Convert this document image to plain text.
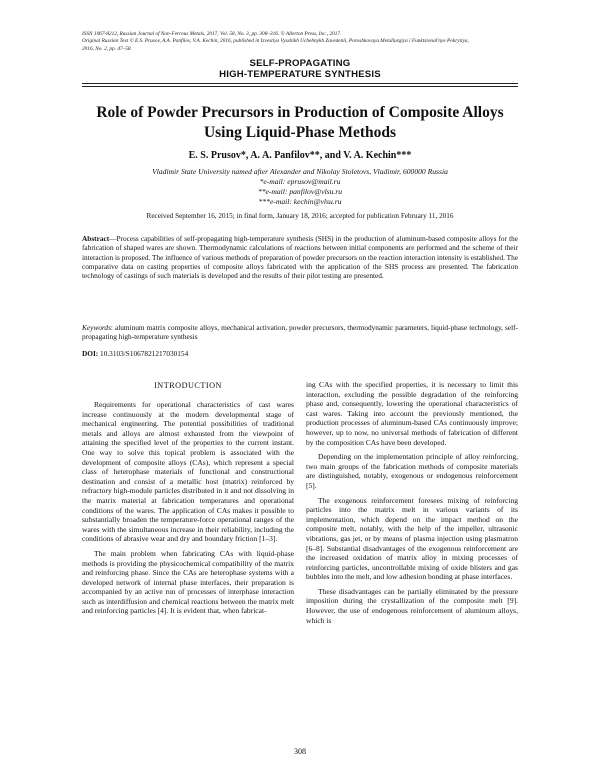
ISSN 1067-8212, Russian Journal of Non-Ferrous Metals, 2017, Vol. 58, No. 3, pp. 308–316. © Allerton Press, Inc., 2017.
Original Russian Text © E.S. Prusov, A.A. Panfilov, V.A. Kechin, 2016, published in Izvestiya Vysshikh Uchebnykh Zavedenii, Poroshkovaya Metallurgiya i Funktsional'nye Pokrytiya,
2016, No. 2, pp. 47–58.
SELF-PROPAGATING
HIGH-TEMPERATURE SYNTHESIS
Role of Powder Precursors in Production of Composite Alloys
Using Liquid-Phase Methods
E. S. Prusov*, A. A. Panfilov**, and V. A. Kechin***
Vladimir State University named after Alexander and Nikolay Stoletovs, Vladimir, 600000 Russia
*e-mail: eprusov@mail.ru
**e-mail: panfilov@vlsu.ru
***e-mail: kechin@vlsu.ru
Received September 16, 2015; in final form, January 18, 2016; accepted for publication February 11, 2016
Abstract—Process capabilities of self-propagating high-temperature synthesis (SHS) in the production of aluminum-based composite alloys for the fabrication of shaped wares are shown. Thermodynamic calculations of reactions between initial components are performed and the scheme of their interaction is proposed. The influence of various methods of preparation of powder precursors on the reaction interaction intensity is established. The comparative data on casting properties of composite alloys fabricated with the application of the SHS process are presented. The fabrication technology of castings of such materials is developed and the results of their pilot testing are presented.
Keywords: aluminum matrix composite alloys, mechanical activation, powder precursors, thermodynamic parameters, liquid-phase technology, self-propagating high-temperature synthesis
DOI: 10.3103/S1067821217030154
INTRODUCTION

Requirements for operational characteristics of cast wares increase continuously at the modern developmental stage of mechanical engineering. The potential possibilities of traditional metals and alloys are almost exhausted from the viewpoint of attaining the specified level of the properties to the current instant. One way to solve this topical problem is associated with the development of composite alloys (CAs), which represent a special class of heterophase materials of functional and constructional destination and consist of a metallic host (matrix) reinforced by refractory high-module particles distributed in it and not dissolving in the matrix material at fabrication temperatures and operational conditions of the wares. The application of CAs makes it possible to substantially broaden the temperature-force operational ranges of the wares with the simultaneous increase in their reliability, including the conditions of abrasive wear and dry and boundary friction [1–3].

The main problem when fabricating CAs with liquid-phase methods is providing the physicochemical compatibility of the matrix and reinforcing phase. Since the CAs are heterophase systems with a developed network of internal phase interfaces, their preparation is accompanied by an active run of processes of interphase interaction such as interdiffusion and chemical reactions between the matrix melt and reinforcing particles [4]. It is evident that, when fabricat-

ing CAs with the specified properties, it is necessary to limit this interaction, excluding the possible degradation of the reinforcing phase and, consequently, lowering the operational characteristics of cast wares. Taking into account the previously mentioned, the production processes of aluminum-based CAs continuously improve; however, up to now, no universal methods of fabrication of different by the composition CAs have been developed.

Depending on the implementation principle of alloy reinforcing, two main groups of the fabrication methods of composite materials are distinguished, notably, exogenous or endogenous reinforcement [5].

The exogenous reinforcement foresees mixing of reinforcing particles into the matrix melt in various variants of its implementation, which depend on the impact method on the composite melt, notably, with the help of the impeller, ultrasonic vibrations, gas jet, or by means of plasma injection using plasmatron [6–8]. Substantial disadvantages of the exogenous reinforcement are the increased oxidation of matrix alloy in mixing processes of reinforcing particles, uncontrollable mixing of oxide blisters and gas bubbles into the melt, and low adhesion bonding at phase interfaces.

These disadvantages can be partially eliminated by the pressure imposition during the crystallization of the composite melt [9]. However, the use of endogenous reinforcement of aluminum alloys, which is

308
